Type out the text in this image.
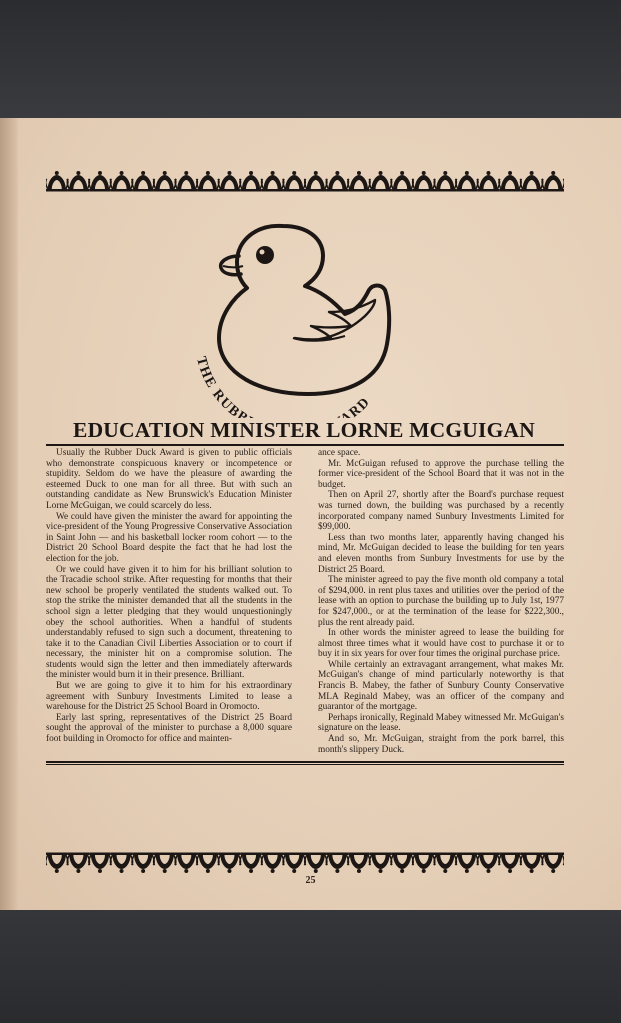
THE RUB RD
EDUCATION MINISTER LORNE MCGUIGAN

Usually the Rubber Duck Award is given to public officials who demonstrate conspicuous knavery or incompetence or stupidity. Seldom do we have the pleasure of awarding the esteemed Duck to one man for all three. But with such an outstanding candidate as New Brunswick's Education Minister Lorne McGuigan, we could scarcely do less.

We could have given the minister the award for appointing the vice-president of the Young Progressive Conservative Association in Saint John — and his basketball locker room cohort — to the District 20 School Board despite the fact that he had lost the election for the job.

Or we could have given it to him for his brilliant solution to the Tracadie school strike. After requesting for months that their new school be properly ventilated the students walked out. To stop the strike the minister demanded that all the students in the school sign a letter pledging that they would unquestioningly obey the school authorities. When a handful of students understandably refused to sign such a document, threatening to take it to the Canadian Civil Liberties Association or to court if necessary, the minister hit on a compromise solution. The students would sign the letter and then immediately afterwards the minister would burn it in their presence. Brilliant.

But we are going to give it to him for his extraordinary agreement with Sunbury Investments Limited to lease a warehouse for the District 25 School Board in Oromocto.

Early last spring, representatives of the District 25 Board sought the approval of the minister to purchase a 8,000 square foot building in Oromocto for office and mainten-

ance space.

Mr. McGuigan refused to approve the purchase telling the former vice-president of the School Board that it was not in the budget.

Then on April 27, shortly after the Board's purchase request was turned down, the building was purchased by a recently incorporated company named Sunbury Investments Limited for $99,000.

Less than two months later, apparently having changed his mind, Mr. McGuigan decided to lease the building for ten years and eleven months from Sunbury Investments for use by the District 25 Board.

The minister agreed to pay the five month old company a total of $294,000. in rent plus taxes and utilities over the period of the lease with an option to purchase the building up to July 1st, 1977 for $247,000., or at the termination of the lease for $222,300., plus the rent already paid.

In other words the minister agreed to lease the building for almost three times what it would have cost to purchase it or to buy it in six years for over four times the original purchase price.

While certainly an extravagant arrangement, what makes Mr. McGuigan's change of mind particularly noteworthy is that Francis B. Mabey, the father of Sunbury County Conservative MLA Reginald Mabey, was an officer of the company and guarantor of the mortgage.

Perhaps ironically, Reginald Mabey witnessed Mr. McGuigan's signature on the lease.

And so, Mr. McGuigan, straight from the pork barrel, this month's slippery Duck.

25
